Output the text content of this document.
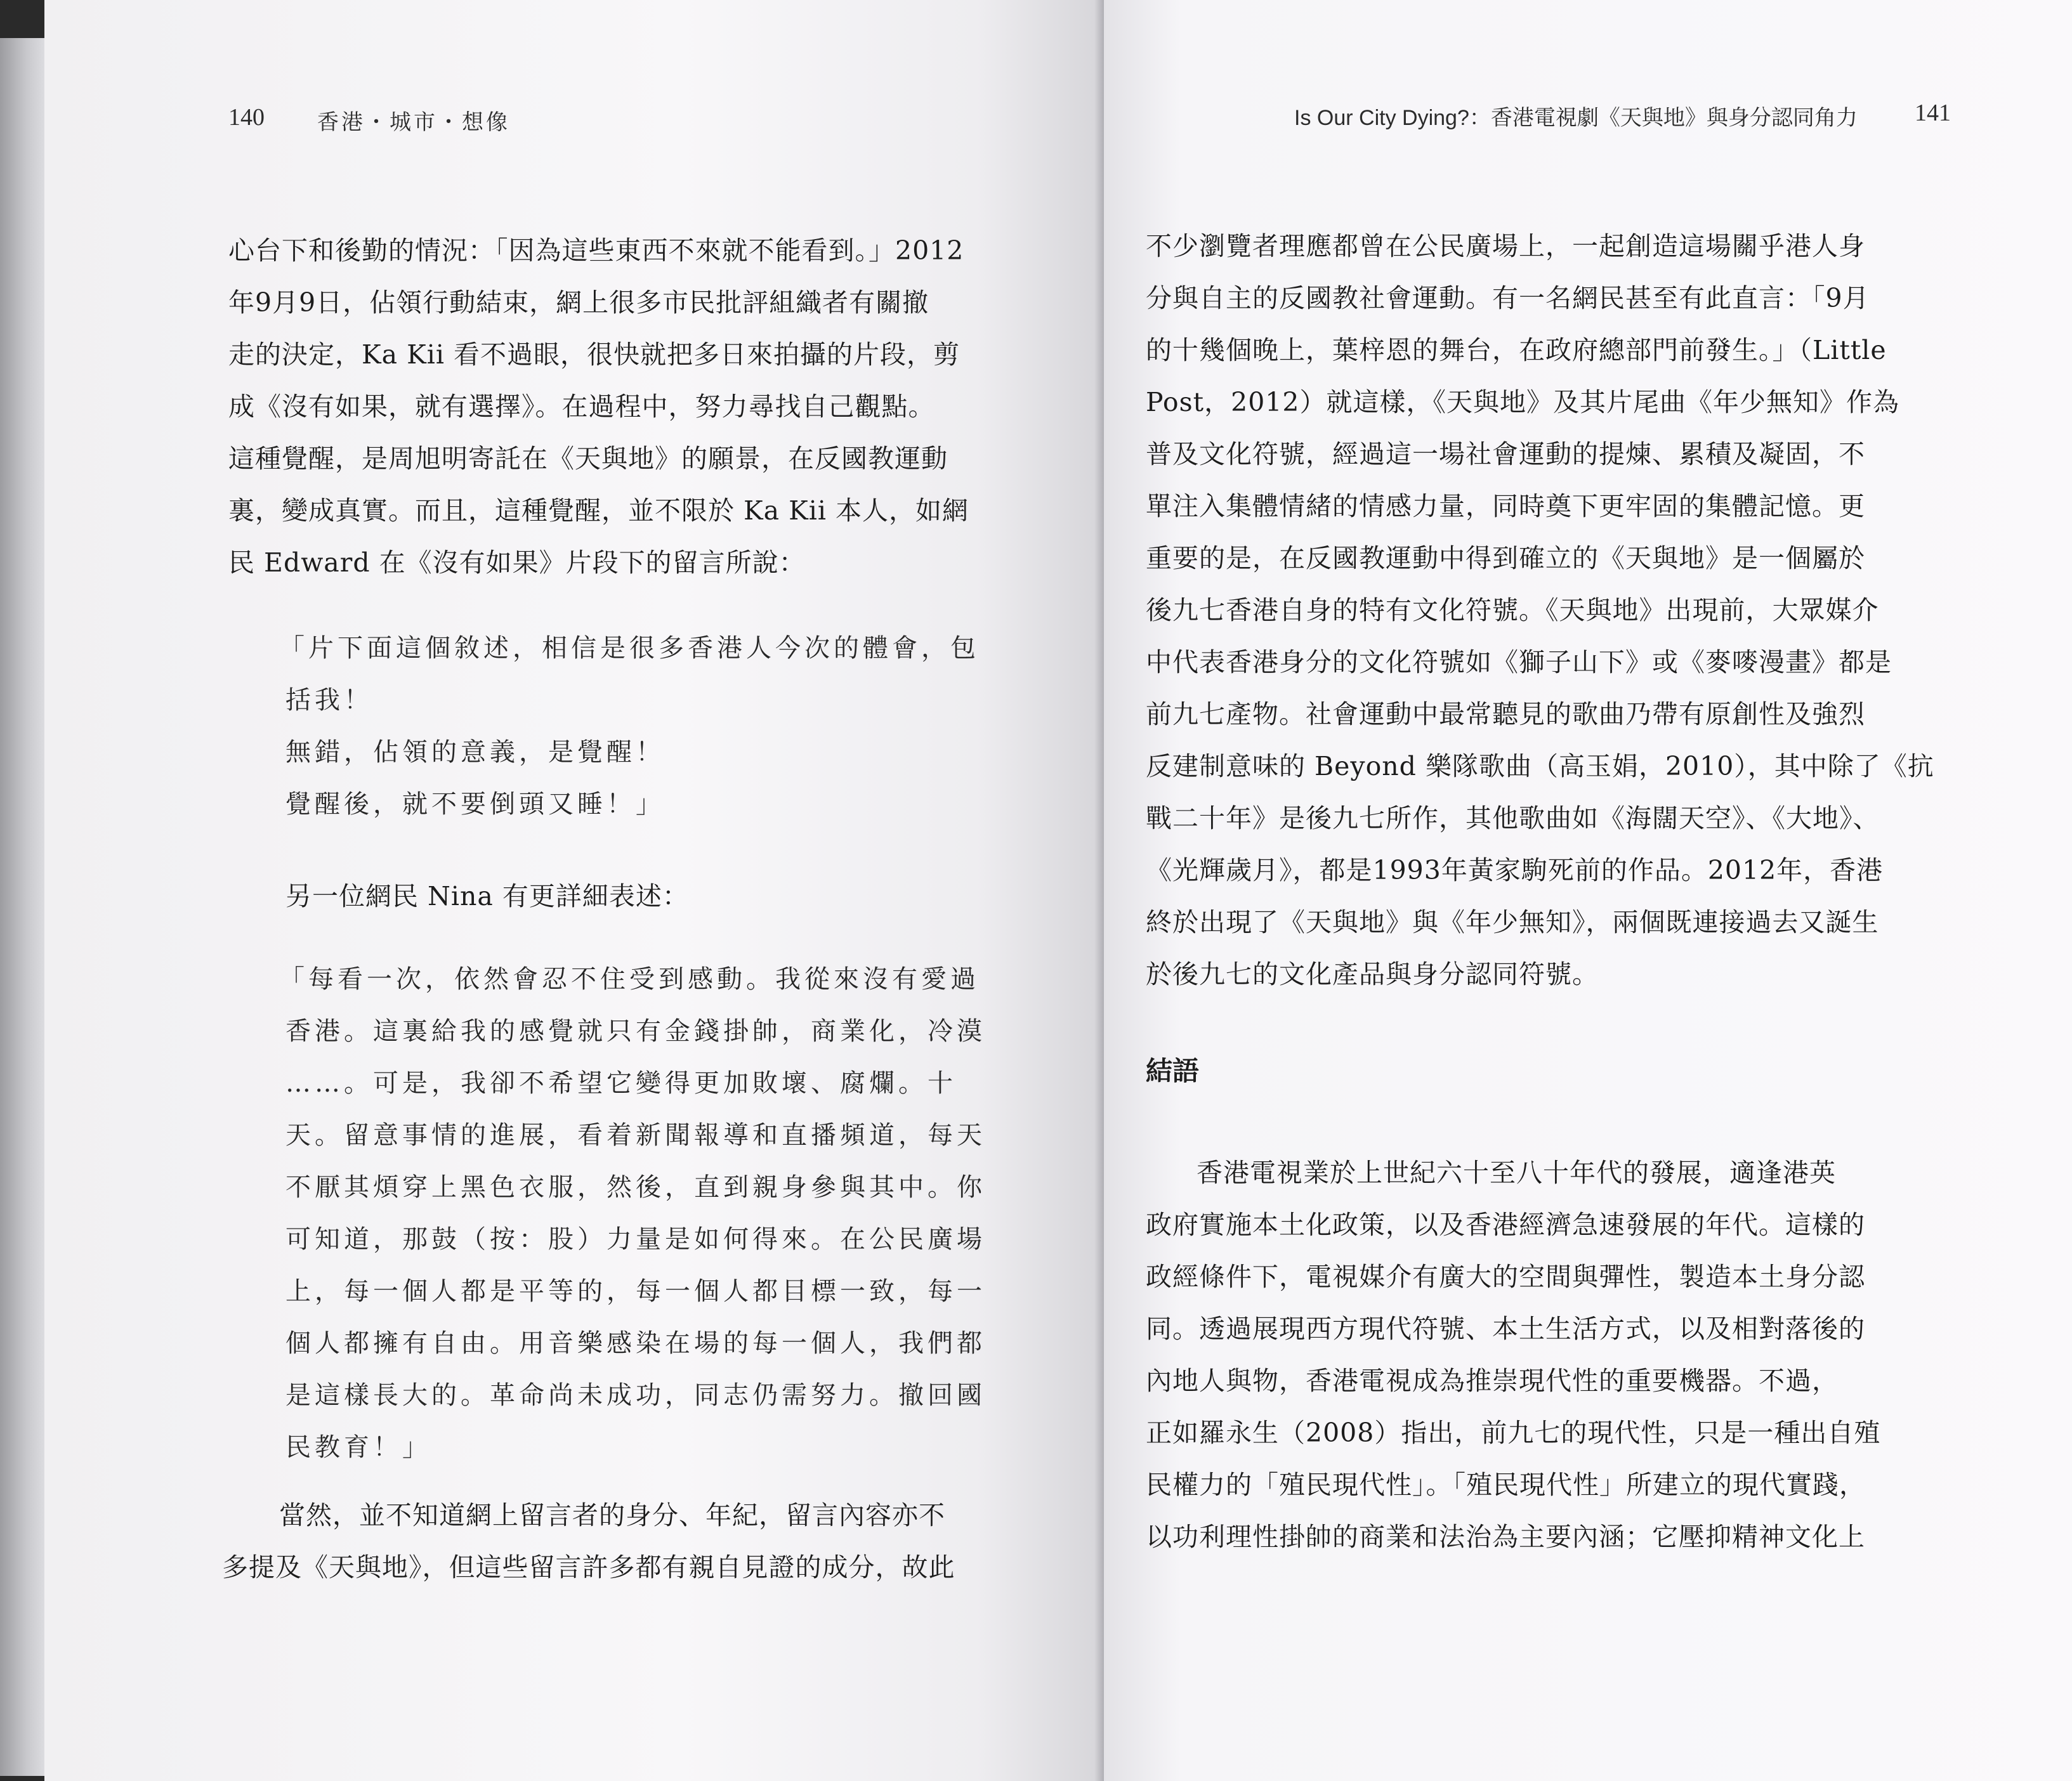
140 香港・城市・想像
心台下和後勤的情況：「因為這些東西不來就不能看到。」2012
年9月9日，佔領行動結束，網上很多市民批評組織者有關撤
走的決定，Ka Kii 看不過眼，很快就把多日來拍攝的片段，剪
成《沒有如果，就有選擇》。在過程中，努力尋找自己觀點。
這種覺醒，是周旭明寄託在《天與地》的願景，在反國教運動
裏，變成真實。而且，這種覺醒，並不限於 Ka Kii 本人，如網
民 Edward 在《沒有如果》片段下的留言所說：
「片下面這個敘述，相信是很多香港人今次的體會，包
括我！
無錯，佔領的意義，是覺醒！
覺醒後，就不要倒頭又睡！」
另一位網民 Nina 有更詳細表述：
「每看一次，依然會忍不住受到感動。我從來沒有愛過
香港。這裏給我的感覺就只有金錢掛帥，商業化，冷漠
……。可是，我卻不希望它變得更加敗壞、腐爛。十
天。留意事情的進展，看着新聞報導和直播頻道，每天
不厭其煩穿上黑色衣服，然後，直到親身參與其中。你
可知道，那鼓（按：股）力量是如何得來。在公民廣場
上，每一個人都是平等的，每一個人都目標一致，每一
個人都擁有自由。用音樂感染在場的每一個人，我們都
是這樣長大的。革命尚未成功，同志仍需努力。撤回國
民教育！」
當然，並不知道網上留言者的身分、年紀，留言內容亦不
多提及《天與地》，但這些留言許多都有親自見證的成分，故此
Is Our City Dying?：香港電視劇《天與地》與身分認同角力 141
不少瀏覽者理應都曾在公民廣場上，一起創造這場關乎港人身
分與自主的反國教社會運動。有一名網民甚至有此直言：「9月
的十幾個晚上，葉梓恩的舞台，在政府總部門前發生。」（Little
Post，2012）就這樣，《天與地》及其片尾曲《年少無知》作為
普及文化符號，經過這一場社會運動的提煉、累積及凝固，不
單注入集體情緒的情感力量，同時奠下更牢固的集體記憶。更
重要的是，在反國教運動中得到確立的《天與地》是一個屬於
後九七香港自身的特有文化符號。《天與地》出現前，大眾媒介
中代表香港身分的文化符號如《獅子山下》或《麥嘜漫畫》都是
前九七產物。社會運動中最常聽見的歌曲乃帶有原創性及強烈
反建制意味的 Beyond 樂隊歌曲（高玉娟，2010），其中除了《抗
戰二十年》是後九七所作，其他歌曲如《海闊天空》、《大地》、
《光輝歲月》，都是1993年黃家駒死前的作品。2012年，香港
終於出現了《天與地》與《年少無知》，兩個既連接過去又誕生
於後九七的文化產品與身分認同符號。
結語
香港電視業於上世紀六十至八十年代的發展，適逢港英
政府實施本土化政策，以及香港經濟急速發展的年代。這樣的
政經條件下，電視媒介有廣大的空間與彈性，製造本土身分認
同。透過展現西方現代符號、本土生活方式，以及相對落後的
內地人與物，香港電視成為推崇現代性的重要機器。不過，
正如羅永生（2008）指出，前九七的現代性，只是一種出自殖
民權力的「殖民現代性」。「殖民現代性」所建立的現代實踐，
以功利理性掛帥的商業和法治為主要內涵；它壓抑精神文化上
